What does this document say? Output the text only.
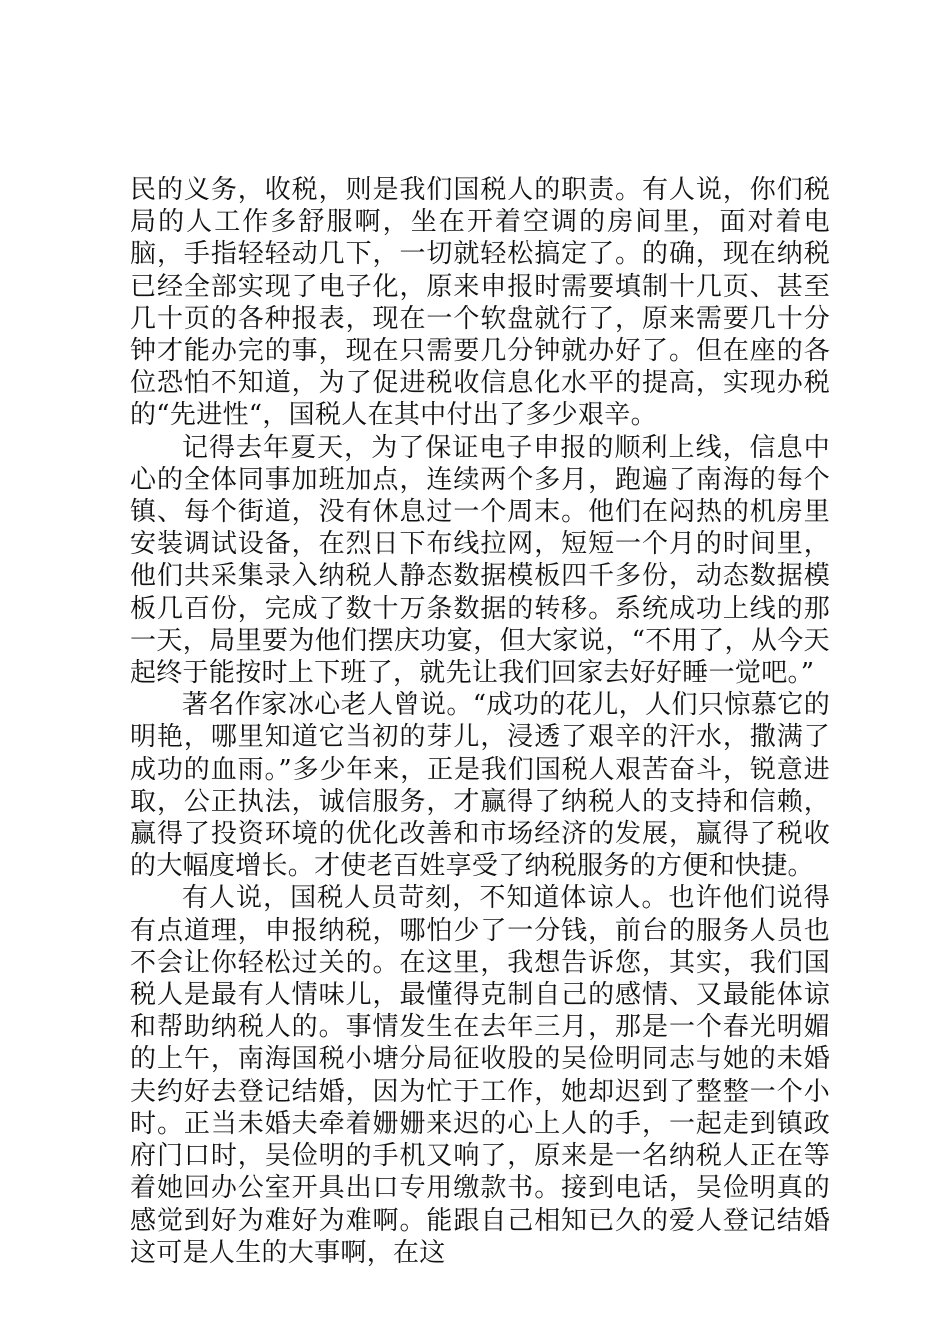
民的义务，收税，则是我们国税人的职责。有人说，你们税局的人工作多舒服啊，坐在开着空调的房间里，面对着电脑，手指轻轻动几下，一切就轻松搞定了。的确，现在纳税已经全部实现了电子化，原来申报时需要填制十几页、甚至几十页的各种报表，现在一个软盘就行了，原来需要几十分钟才能办完的事，现在只需要几分钟就办好了。但在座的各位恐怕不知道，为了促进税收信息化水平的提高，实现办税的“先进性“，国税人在其中付出了多少艰辛。

记得去年夏天，为了保证电子申报的顺利上线，信息中心的全体同事加班加点，连续两个多月，跑遍了南海的每个镇、每个街道，没有休息过一个周末。他们在闷热的机房里安装调试设备，在烈日下布线拉网，短短一个月的时间里，他们共采集录入纳税人静态数据模板四千多份，动态数据模板几百份，完成了数十万条数据的转移。系统成功上线的那一天，局里要为他们摆庆功宴，但大家说，“不用了，从今天起终于能按时上下班了，就先让我们回家去好好睡一觉吧。”

著名作家冰心老人曾说。“成功的花儿，人们只惊慕它的明艳，哪里知道它当初的芽儿，浸透了艰辛的汗水，撒满了成功的血雨。”多少年来，正是我们国税人艰苦奋斗，锐意进取，公正执法，诚信服务，才赢得了纳税人的支持和信赖，赢得了投资环境的优化改善和市场经济的发展，赢得了税收的大幅度增长。才使老百姓享受了纳税服务的方便和快捷。

有人说，国税人员苛刻，不知道体谅人。也许他们说得有点道理，申报纳税，哪怕少了一分钱，前台的服务人员也不会让你轻松过关的。在这里，我想告诉您，其实，我们国税人是最有人情味儿，最懂得克制自己的感情、又最能体谅和帮助纳税人的。事情发生在去年三月，那是一个春光明媚的上午，南海国税小塘分局征收股的吴俭明同志与她的未婚夫约好去登记结婚，因为忙于工作，她却迟到了整整一个小时。正当未婚夫牵着姗姗来迟的心上人的手，一起走到镇政府门口时，吴俭明的手机又响了，原来是一名纳税人正在等着她回办公室开具出口专用缴款书。接到电话，吴俭明真的感觉到好为难好为难啊。能跟自己相知已久的爱人登记结婚这可是人生的大事啊，在这
